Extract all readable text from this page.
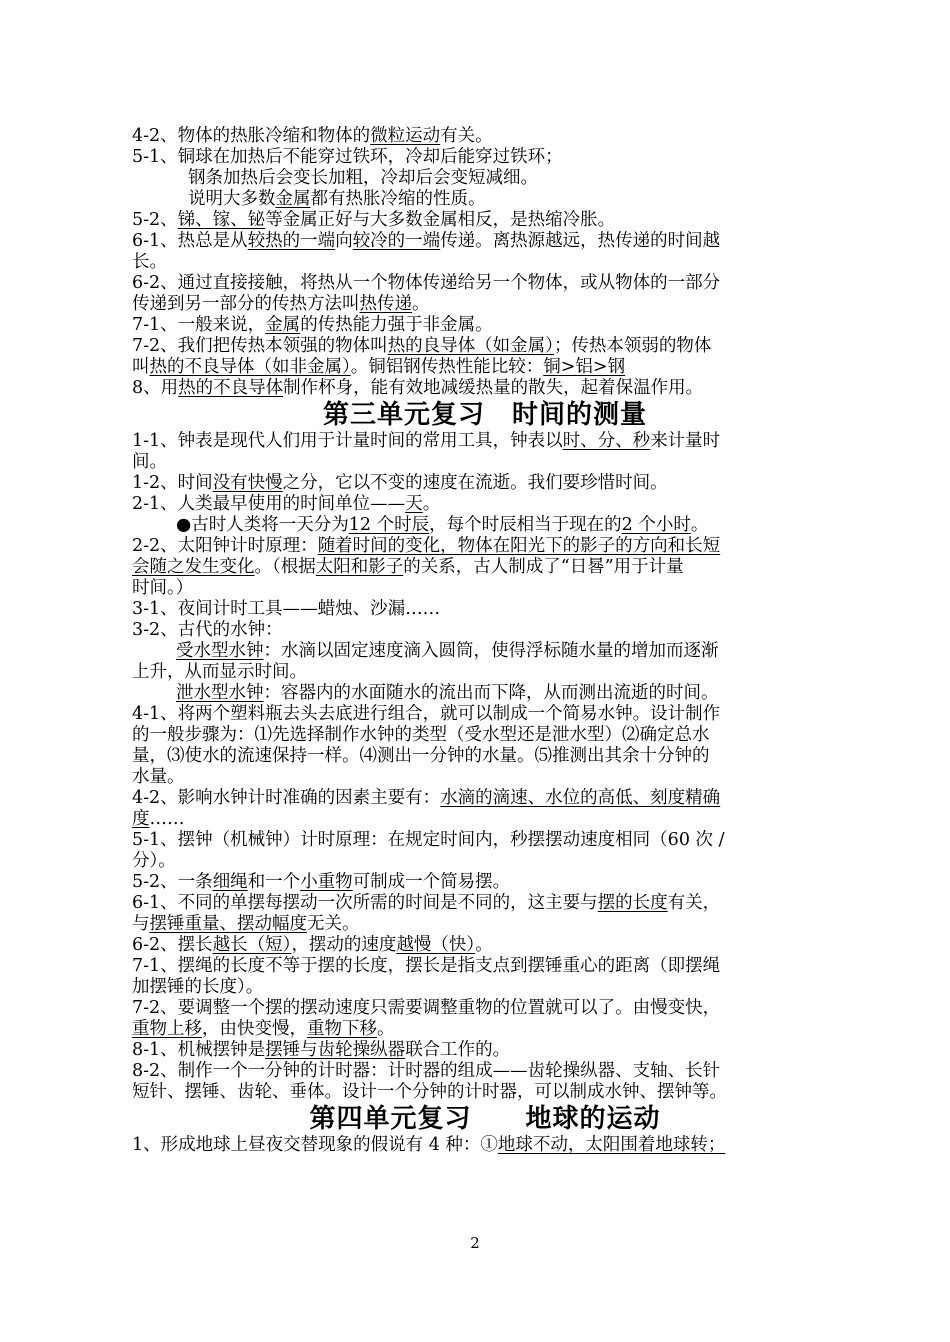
4-2、物体的热胀冷缩和物体的微粒运动有关。
5-1、铜球在加热后不能穿过铁环，冷却后能穿过铁环；
钢条加热后会变长加粗，冷却后会变短减细。
说明大多数金属都有热胀冷缩的性质。
5-2、锑、镓、铋等金属正好与大多数金属相反，是热缩冷胀。
6-1、热总是从较热的一端向较冷的一端传递。离热源越远，热传递的时间越
长。
6-2、通过直接接触，将热从一个物体传递给另一个物体，或从物体的一部分
传递到另一部分的传热方法叫热传递。
7-1、一般来说，金属的传热能力强于非金属。
7-2、我们把传热本领强的物体叫热的良导体（如金属）；传热本领弱的物体
叫热的不良导体（如非金属）。铜铝钢传热性能比较：铜>铝>钢
8、用热的不良导体制作杯身，能有效地减缓热量的散失，起着保温作用。
第三单元复习　时间的测量
1-1、钟表是现代人们用于计量时间的常用工具，钟表以时、分、秒来计量时
间。
1-2、时间没有快慢之分，它以不变的速度在流逝。我们要珍惜时间。
2-1、人类最早使用的时间单位——天。
●古时人类将一天分为12 个时辰，每个时辰相当于现在的2 个小时。
2-2、太阳钟计时原理：随着时间的变化，物体在阳光下的影子的方向和长短
会随之发生变化。（根据太阳和影子的关系，古人制成了“日晷”用于计量
时间。）
3-1、夜间计时工具——蜡烛、沙漏……
3-2、古代的水钟：
受水型水钟：水滴以固定速度滴入圆筒，使得浮标随水量的增加而逐渐
上升，从而显示时间。
泄水型水钟：容器内的水面随水的流出而下降，从而测出流逝的时间。
4-1、将两个塑料瓶去头去底进行组合，就可以制成一个简易水钟。设计制作
的一般步骤为：⑴先选择制作水钟的类型（受水型还是泄水型）⑵确定总水
量，⑶使水的流速保持一样。⑷测出一分钟的水量。⑸推测出其余十分钟的
水量。
4-2、影响水钟计时准确的因素主要有：水滴的滴速、水位的高低、刻度精确
度……
5-1、摆钟（机械钟）计时原理：在规定时间内，秒摆摆动速度相同（60 次 /
分）。
5-2、一条细绳和一个小重物可制成一个简易摆。
6-1、不同的单摆每摆动一次所需的时间是不同的，这主要与摆的长度有关，
与摆锤重量、摆动幅度无关。
6-2、摆长越长（短），摆动的速度越慢（快）。
7-1、摆绳的长度不等于摆的长度，摆长是指支点到摆锤重心的距离（即摆绳
加摆锤的长度）。
7-2、要调整一个摆的摆动速度只需要调整重物的位置就可以了。由慢变快，
重物上移，由快变慢，重物下移。
8-1、机械摆钟是摆锤与齿轮操纵器联合工作的。
8-2、制作一个一分钟的计时器：计时器的组成——齿轮操纵器、支轴、长针
短针、摆锤、齿轮、垂体。设计一个分钟的计时器，可以制成水钟、摆钟等。
第四单元复习　　地球的运动
1、形成地球上昼夜交替现象的假说有 4 种：①地球不动，太阳围着地球转；
2
